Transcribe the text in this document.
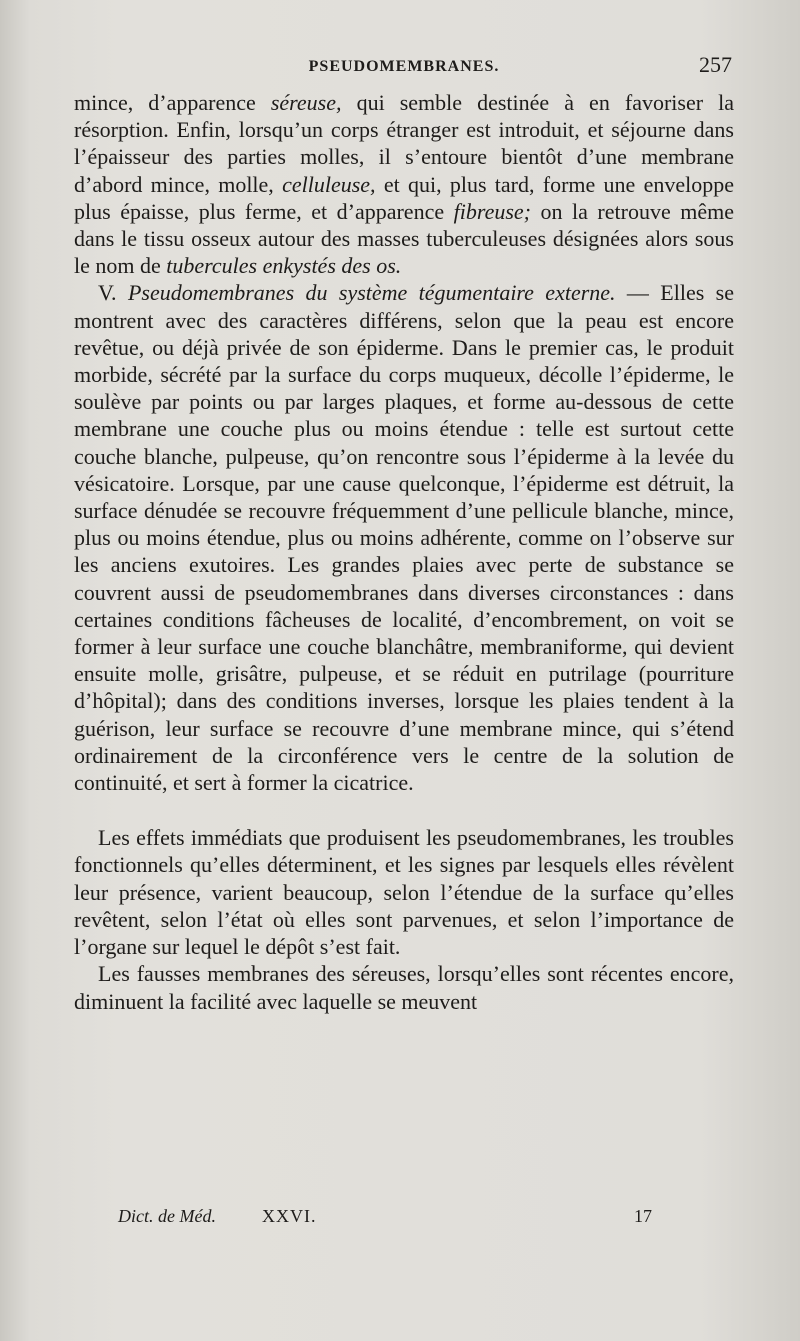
PSEUDOMEMBRANES.	257

mince, d’apparence séreuse, qui semble destinée à en favoriser la résorption. Enfin, lorsqu’un corps étranger est introduit, et séjourne dans l’épaisseur des parties molles, il s’entoure bientôt d’une membrane d’abord mince, molle, celluleuse, et qui, plus tard, forme une enveloppe plus épaisse, plus ferme, et d’apparence fibreuse; on la retrouve même dans le tissu osseux autour des masses tuberculeuses désignées alors sous le nom de tubercules enkystés des os.

V. Pseudomembranes du système tégumentaire externe. — Elles se montrent avec des caractères différens, selon que la peau est encore revêtue, ou déjà privée de son épiderme. Dans le premier cas, le produit morbide, sécrété par la surface du corps muqueux, décolle l’épiderme, le soulève par points ou par larges plaques, et forme au-dessous de cette membrane une couche plus ou moins étendue : telle est surtout cette couche blanche, pulpeuse, qu’on rencontre sous l’épiderme à la levée du vésicatoire. Lorsque, par une cause quelconque, l’épiderme est détruit, la surface dénudée se recouvre fréquemment d’une pellicule blanche, mince, plus ou moins étendue, plus ou moins adhérente, comme on l’observe sur les anciens exutoires. Les grandes plaies avec perte de substance se couvrent aussi de pseudomembranes dans diverses circonstances : dans certaines conditions fâcheuses de localité, d’encombrement, on voit se former à leur surface une couche blanchâtre, membraniforme, qui devient ensuite molle, grisâtre, pulpeuse, et se réduit en putrilage (pourriture d’hôpital); dans des conditions inverses, lorsque les plaies tendent à la guérison, leur surface se recouvre d’une membrane mince, qui s’étend ordinairement de la circonférence vers le centre de la solution de continuité, et sert à former la cicatrice.

Les effets immédiats que produisent les pseudomembranes, les troubles fonctionnels qu’elles déterminent, et les signes par lesquels elles révèlent leur présence, varient beaucoup, selon l’étendue de la surface qu’elles revêtent, selon l’état où elles sont parvenues, et selon l’importance de l’organe sur lequel le dépôt s’est fait.

Les fausses membranes des séreuses, lorsqu’elles sont récentes encore, diminuent la facilité avec laquelle se meuvent

Dict. de Méd.	XXVI.	17
